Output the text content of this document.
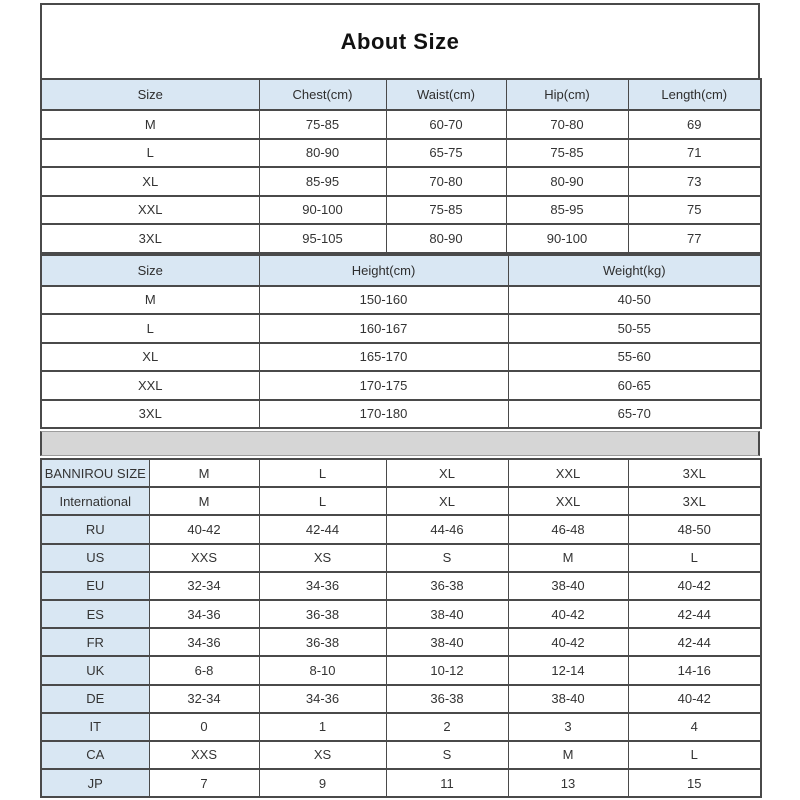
About Size
Size	Chest(cm)	Waist(cm)	Hip(cm)	Length(cm)
M	75-85	60-70	70-80	69
L	80-90	65-75	75-85	71
XL	85-95	70-80	80-90	73
XXL	90-100	75-85	85-95	75
3XL	95-105	80-90	90-100	77
Size	Height(cm)	Weight(kg)
M	150-160	40-50
L	160-167	50-55
XL	165-170	55-60
XXL	170-175	60-65
3XL	170-180	65-70
BANNIROU SIZE	M	L	XL	XXL	3XL
International	M	L	XL	XXL	3XL
RU	40-42	42-44	44-46	46-48	48-50
US	XXS	XS	S	M	L
EU	32-34	34-36	36-38	38-40	40-42
ES	34-36	36-38	38-40	40-42	42-44
FR	34-36	36-38	38-40	40-42	42-44
UK	6-8	8-10	10-12	12-14	14-16
DE	32-34	34-36	36-38	38-40	40-42
IT	0	1	2	3	4
CA	XXS	XS	S	M	L
JP	7	9	11	13	15
